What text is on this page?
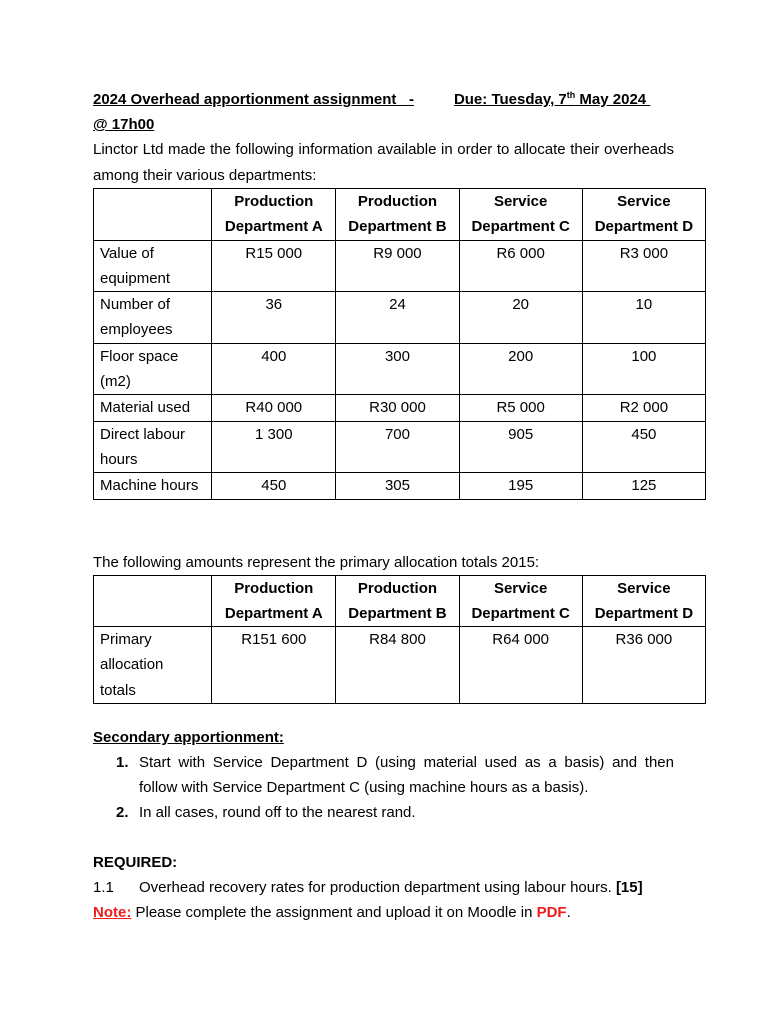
2024 Overhead apportionment assignment -	Due: Tuesday, 7th May 2024

@ 17h00

Linctor Ltd made the following information available in order to allocate their overheads among their various departments:

	Production Department A	Production Department B	Service Department C	Service Department D
Value of equipment	R15 000	R9 000	R6 000	R3 000
Number of employees	36	24	20	10
Floor space (m2)	400	300	200	100
Material used	R40 000	R30 000	R5 000	R2 000
Direct labour hours	1 300	700	905	450
Machine hours	450	305	195	125

The following amounts represent the primary allocation totals 2015:

	Production Department A	Production Department B	Service Department C	Service Department D
Primary allocation totals	R151 600	R84 800	R64 000	R36 000

Secondary apportionment:

1. Start with Service Department D (using material used as a basis) and then follow with Service Department C (using machine hours as a basis).
2. In all cases, round off to the nearest rand.

REQUIRED:

1.1 Overhead recovery rates for production department using labour hours. [15]

Note: Please complete the assignment and upload it on Moodle in PDF.
